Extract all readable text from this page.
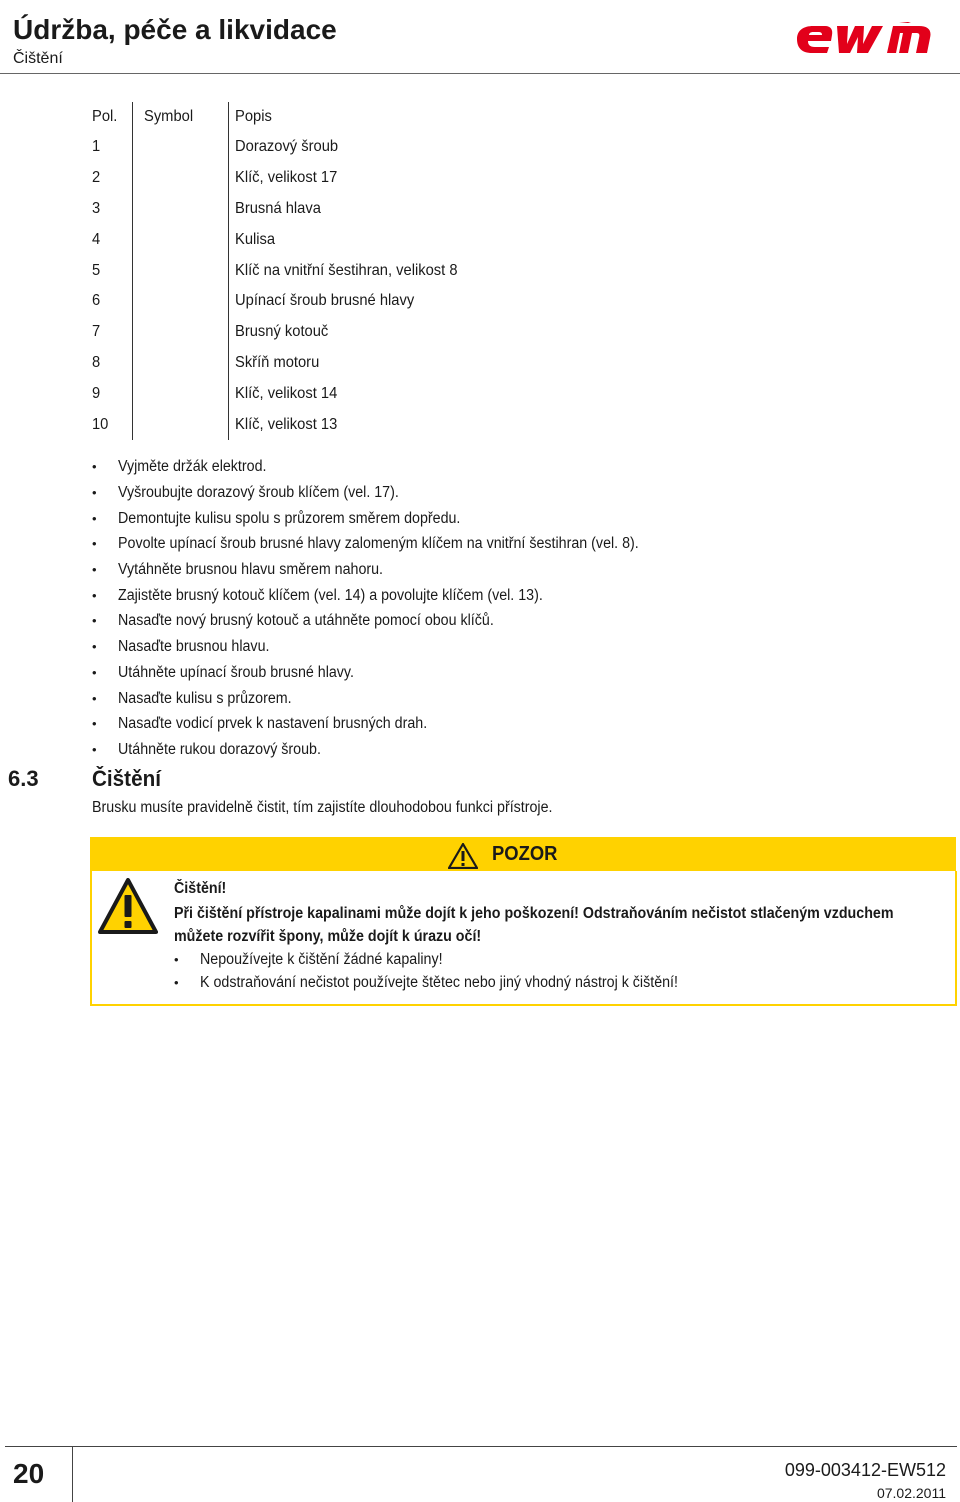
Údržba, péče a likvidace
Čištění
Pol. Symbol	Popis
1	Dorazový šroub
2	Klíč, velikost 17
3	Brusná hlava
4	Kulisa
5	Klíč na vnitřní šestihran, velikost 8
6	Upínací šroub brusné hlavy
7	Brusný kotouč
8	Skříň motoru
9	Klíč, velikost 14
10	Klíč, velikost 13
• Vyjměte držák elektrod.
• Vyšroubujte dorazový šroub klíčem (vel. 17).
• Demontujte kulisu spolu s průzorem směrem dopředu.
• Povolte upínací šroub brusné hlavy zalomeným klíčem na vnitřní šestihran (vel. 8).
• Vytáhněte brusnou hlavu směrem nahoru.
• Zajistěte brusný kotouč klíčem (vel. 14) a povolujte klíčem (vel. 13).
• Nasaďte nový brusný kotouč a utáhněte pomocí obou klíčů.
• Nasaďte brusnou hlavu.
• Utáhněte upínací šroub brusné hlavy.
• Nasaďte kulisu s průzorem.
• Nasaďte vodicí prvek k nastavení brusných drah.
• Utáhněte rukou dorazový šroub.
6.3 Čištění
Brusku musíte pravidelně čistit, tím zajistíte dlouhodobou funkci přístroje.
POZOR
Čištění!
Při čištění přístroje kapalinami může dojít k jeho poškození! Odstraňováním nečistot stlačeným vzduchem
můžete rozvířit špony, může dojít k úrazu očí!
• Nepoužívejte k čištění žádné kapaliny!
• K odstraňování nečistot používejte štětec nebo jiný vhodný nástroj k čištění!
20	099-003412-EW512
07.02.2011
